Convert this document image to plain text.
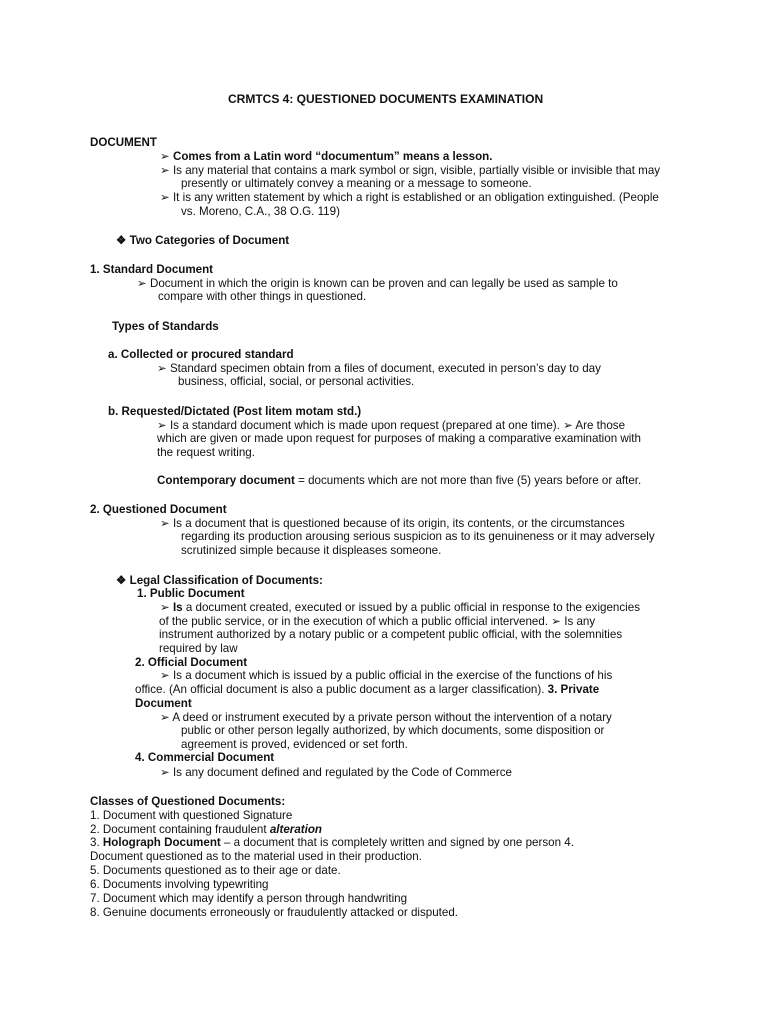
CRMTCS 4: QUESTIONED DOCUMENTS EXAMINATION
DOCUMENT
➢ Comes from a Latin word “documentum” means a lesson.
➢ Is any material that contains a mark symbol or sign, visible, partially visible or invisible that may
presently or ultimately convey a meaning or a message to someone.
➢ It is any written statement by which a right is established or an obligation extinguished. (People
vs. Moreno, C.A., 38 O.G. 119)
❖ Two Categories of Document
1. Standard Document
➢ Document in which the origin is known can be proven and can legally be used as sample to
compare with other things in questioned.
Types of Standards
a. Collected or procured standard
➢ Standard specimen obtain from a files of document, executed in person’s day to day
business, official, social, or personal activities.
b. Requested/Dictated (Post litem motam std.)
➢ Is a standard document which is made upon request (prepared at one time). ➢ Are those
which are given or made upon request for purposes of making a comparative examination with
the request writing.
Contemporary document = documents which are not more than five (5) years before or after.
2. Questioned Document
➢ Is a document that is questioned because of its origin, its contents, or the circumstances
regarding its production arousing serious suspicion as to its genuineness or it may adversely
scrutinized simple because it displeases someone.
❖ Legal Classification of Documents:
1. Public Document
➢ Is a document created, executed or issued by a public official in response to the exigencies
of the public service, or in the execution of which a public official intervened. ➢ Is any
instrument authorized by a notary public or a competent public official, with the solemnities
required by law
2. Official Document
➢ Is a document which is issued by a public official in the exercise of the functions of his
office. (An official document is also a public document as a larger classification). 3. Private
Document
➢ A deed or instrument executed by a private person without the intervention of a notary
public or other person legally authorized, by which documents, some disposition or
agreement is proved, evidenced or set forth.
4. Commercial Document
➢ Is any document defined and regulated by the Code of Commerce
Classes of Questioned Documents:
1. Document with questioned Signature
2. Document containing fraudulent alteration
3. Holograph Document – a document that is completely written and signed by one person 4.
Document questioned as to the material used in their production.
5. Documents questioned as to their age or date.
6. Documents involving typewriting
7. Document which may identify a person through handwriting
8. Genuine documents erroneously or fraudulently attacked or disputed.
